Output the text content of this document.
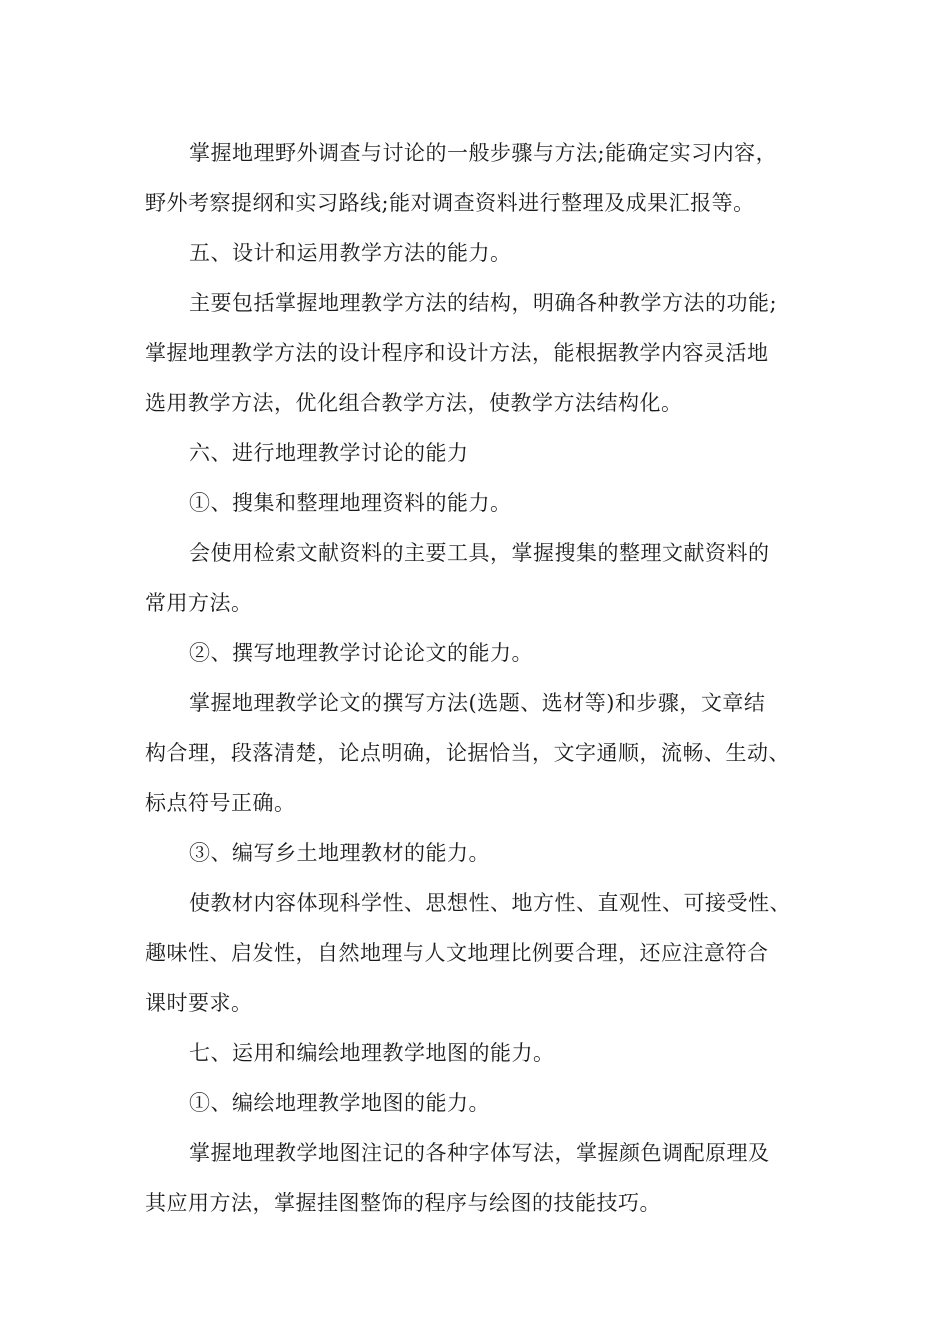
掌握地理野外调查与讨论的一般步骤与方法;能确定实习内容，
野外考察提纲和实习路线;能对调查资料进行整理及成果汇报等。
五、设计和运用教学方法的能力。
主要包括掌握地理教学方法的结构，明确各种教学方法的功能;
掌握地理教学方法的设计程序和设计方法，能根据教学内容灵活地
选用教学方法，优化组合教学方法，使教学方法结构化。
六、进行地理教学讨论的能力
①、搜集和整理地理资料的能力。
会使用检索文献资料的主要工具，掌握搜集的整理文献资料的
常用方法。
②、撰写地理教学讨论论文的能力。
掌握地理教学论文的撰写方法(选题、选材等)和步骤，文章结
构合理，段落清楚，论点明确，论据恰当，文字通顺，流畅、生动、
标点符号正确。
③、编写乡土地理教材的能力。
使教材内容体现科学性、思想性、地方性、直观性、可接受性、
趣味性、启发性，自然地理与人文地理比例要合理，还应注意符合
课时要求。
七、运用和编绘地理教学地图的能力。
①、编绘地理教学地图的能力。
掌握地理教学地图注记的各种字体写法，掌握颜色调配原理及
其应用方法，掌握挂图整饰的程序与绘图的技能技巧。
